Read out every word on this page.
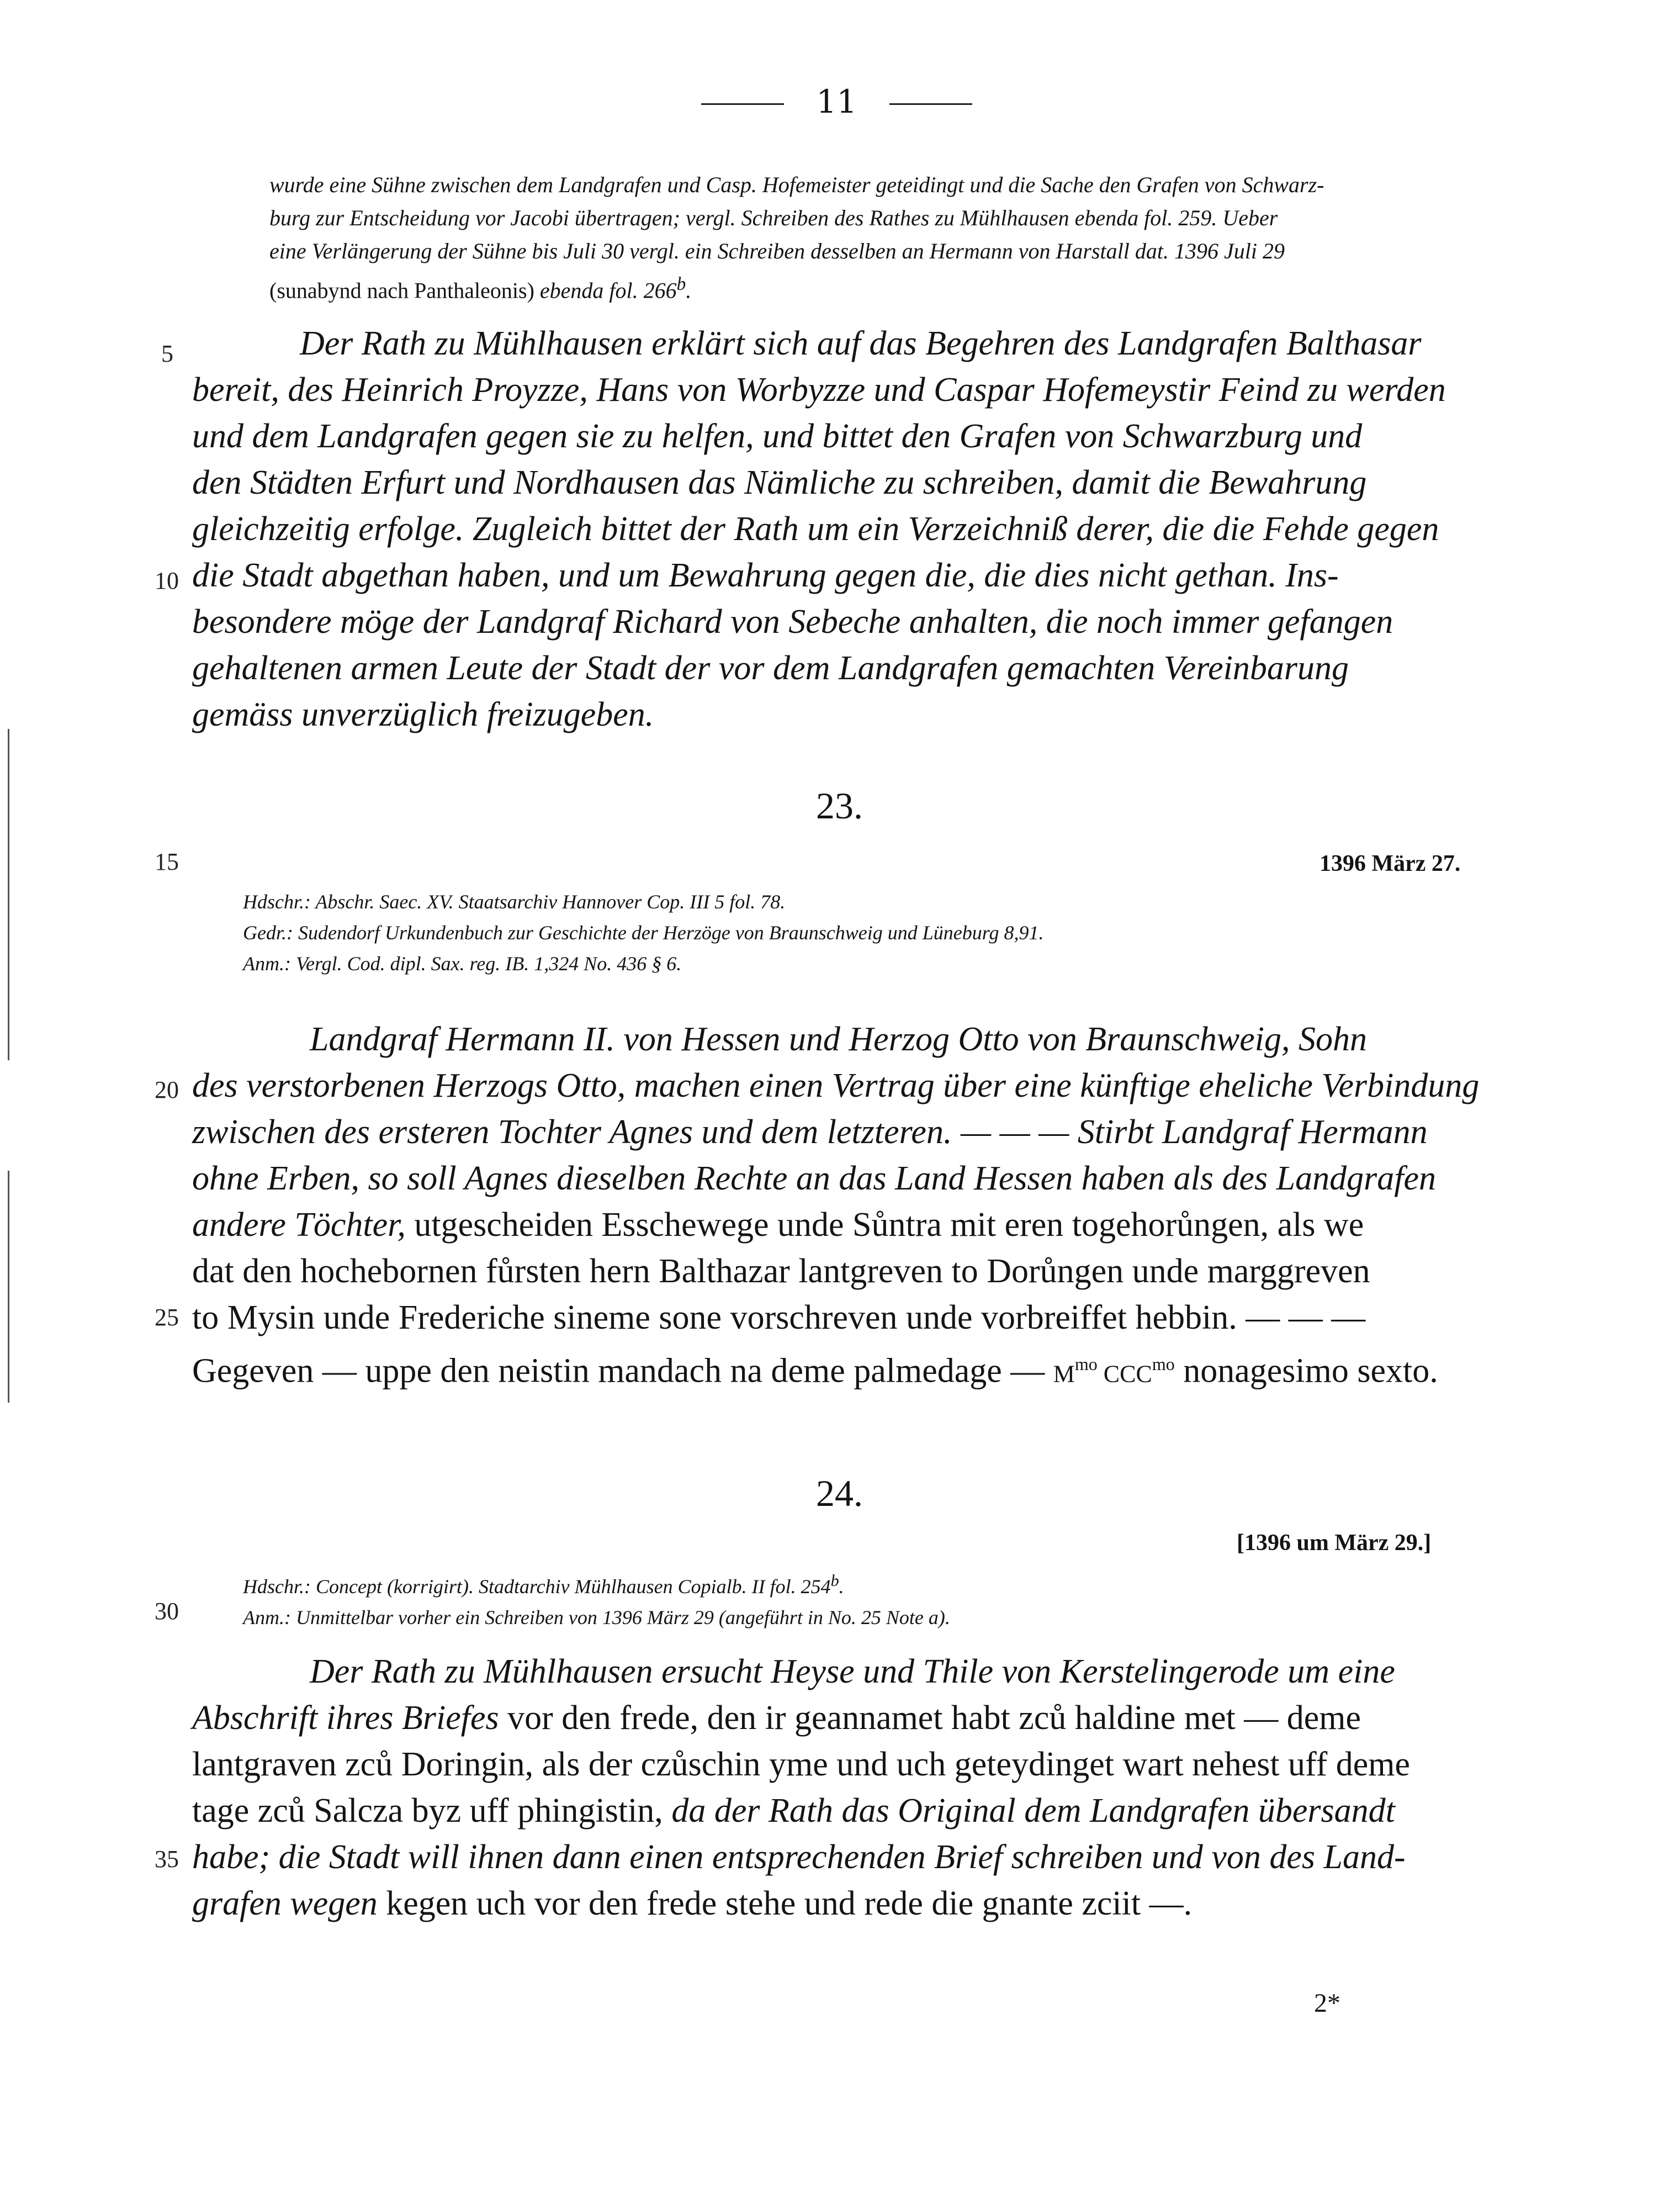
11
wurde eine Sühne zwischen dem Landgrafen und Casp. Hofemeister geteidingt und die Sache den Grafen von Schwarz-
burg zur Entscheidung vor Jacobi übertragen; vergl. Schreiben des Rathes zu Mühlhausen ebenda fol. 259. Ueber
eine Verlängerung der Sühne bis Juli 30 vergl. ein Schreiben desselben an Hermann von Harstall dat. 1396 Juli 29
(sunabynd nach Panthaleonis) ebenda fol. 266$^b$.
5
10
15
20
25
30
35
Der Rath zu Mühlhausen erklärt sich auf das Begehren des Landgrafen Balthasar
bereit, des Heinrich Proyzze, Hans von Worbyzze und Caspar Hofemeystir Feind zu werden
und dem Landgrafen gegen sie zu helfen, und bittet den Grafen von Schwarzburg und
den Städten Erfurt und Nordhausen das Nämliche zu schreiben, damit die Bewahrung
gleichzeitig erfolge. Zugleich bittet der Rath um ein Verzeichniß derer, die die Fehde gegen
die Stadt abgethan haben, und um Bewahrung gegen die, die dies nicht gethan. Ins-
besondere möge der Landgraf Richard von Sebeche anhalten, die noch immer gefangen
gehaltenen armen Leute der Stadt der vor dem Landgrafen gemachten Vereinbarung
gemäss unverzüglich freizugeben.
23.
1396 März 27.
Hdschr.: Abschr. Saec. XV. Staatsarchiv Hannover Cop. III 5 fol. 78.
Gedr.: Sudendorf Urkundenbuch zur Geschichte der Herzöge von Braunschweig und Lüneburg 8,91.
Anm.: Vergl. Cod. dipl. Sax. reg. IB. 1,324 No. 436 § 6.
Landgraf Hermann II. von Hessen und Herzog Otto von Braunschweig, Sohn
des verstorbenen Herzogs Otto, machen einen Vertrag über eine künftige eheliche Verbindung
zwischen des ersteren Tochter Agnes und dem letzteren. — — — Stirbt Landgraf Hermann
ohne Erben, so soll Agnes dieselben Rechte an das Land Hessen haben als des Landgrafen
andere Töchter, utgescheiden Esschewege unde Sůntra mit eren togehorůngen, als we
dat den hochebornen fůrsten hern Balthazar lantgreven to Dorůngen unde marggreven
to Mysin unde Frederiche sineme sone vorschreven unde vorbreiffet hebbin. — — —
Gegeven — uppe den neistin mandach na deme palmedage — $M^{mo}$ $CCC^{mo}$ nonagesimo sexto.
24.
[1396 um März 29.]
Hdschr.: Concept (korrigirt). Stadtarchiv Mühlhausen Copialb. II fol. 254$^b$.
Anm.: Unmittelbar vorher ein Schreiben von 1396 März 29 (angeführt in No. 25 Note a).
Der Rath zu Mühlhausen ersucht Heyse und Thile von Kerstelingerode um eine
Abschrift ihres Briefes vor den frede, den ir geannamet habt zců haldine met — deme
lantgraven zců Doringin, als der czůschin yme und uch geteydinget wart nehest uff deme
tage zců Salcza byz uff phingistin, da der Rath das Original dem Landgrafen übersandt
habe; die Stadt will ihnen dann einen entsprechenden Brief schreiben und von des Land-
grafen wegen kegen uch vor den frede stehe und rede die gnante zciit —.
2*
